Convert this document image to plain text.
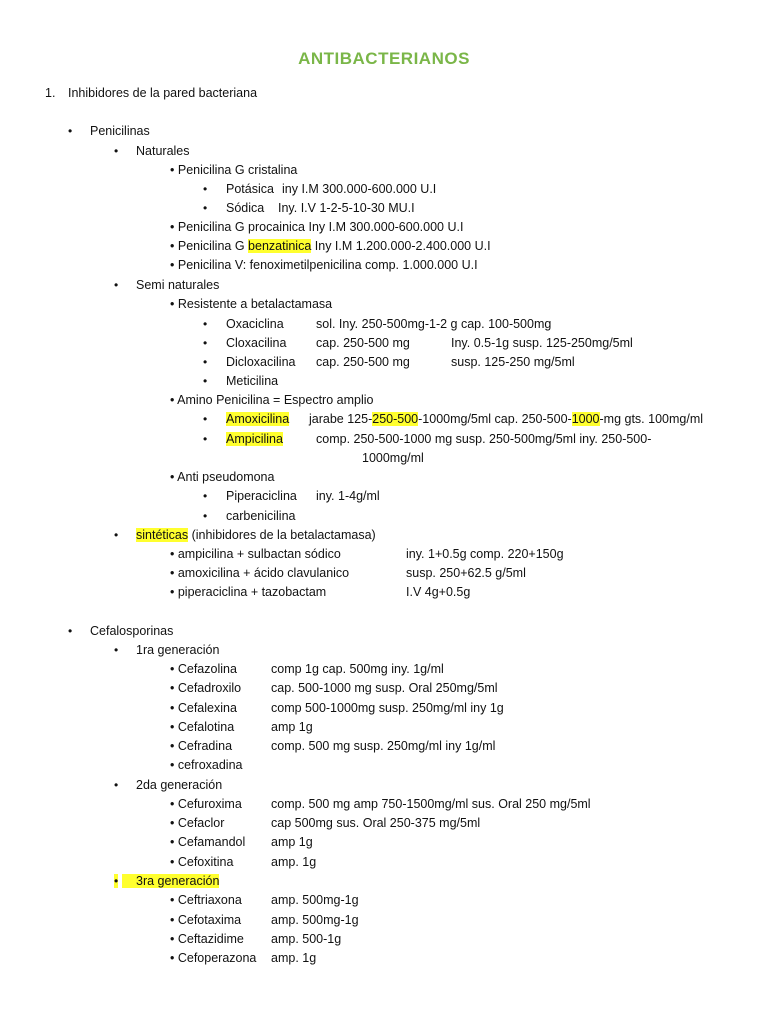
ANTIBACTERIANOS
1. Inhibidores de la pared bacteriana
• Penicilinas
• Naturales
• Penicilina G cristalina
• Potásica iny I.M 300.000-600.000 U.I
• Sódica Iny. I.V 1-2-5-10-30 MU.I
• Penicilina G procainica Iny I.M 300.000-600.000 U.I
• Penicilina G benzatinica Iny I.M 1.200.000-2.400.000 U.I
• Penicilina V: fenoximetilpenicilina comp. 1.000.000 U.I
• Semi naturales
• Resistente a betalactamasa
• Oxaciclina	sol. Iny. 250-500mg-1-2 g cap. 100-500mg
• Cloxacilina cap. 250-500 mg	Iny. 0.5-1g susp. 125-250mg/5ml
• Dicloxacilina cap. 250-500 mg	susp. 125-250 mg/5ml
• Meticilina
• Amino Penicilina = Espectro amplio
• Amoxicilina jarabe 125-250-500-1000mg/5ml cap. 250-500-1000-mg gts. 100mg/ml
• Ampicilina	comp. 250-500-1000 mg susp. 250-500mg/5ml iny. 250-500-
1000mg/ml
• Anti pseudomona
• Piperaciclina iny. 1-4g/ml
• carbenicilina
• sintéticas (inhibidores de la betalactamasa)
• ampicilina + sulbactan sódico	iny. 1+0.5g comp. 220+150g
• amoxicilina + ácido clavulanico	susp. 250+62.5 g/5ml
• piperaciclina + tazobactam	I.V 4g+0.5g
• Cefalosporinas
• 1ra generación
• Cefazolina	comp 1g cap. 500mg iny. 1g/ml
• Cefadroxilo cap. 500-1000 mg susp. Oral 250mg/5ml
• Cefalexina	comp 500-1000mg susp. 250mg/ml iny 1g
• Cefalotina	amp 1g
• Cefradina	comp. 500 mg susp. 250mg/ml iny 1g/ml
• cefroxadina
• 2da generación
• Cefuroxima comp. 500 mg amp 750-1500mg/ml sus. Oral 250 mg/5ml
• Cefaclor	cap 500mg sus. Oral 250-375 mg/5ml
• Cefamandol amp 1g
• Cefoxitina	amp. 1g
•	3ra generación
• Ceftriaxona amp. 500mg-1g
• Cefotaxima amp. 500mg-1g
• Ceftazidime amp. 500-1g
• Cefoperazona amp. 1g
